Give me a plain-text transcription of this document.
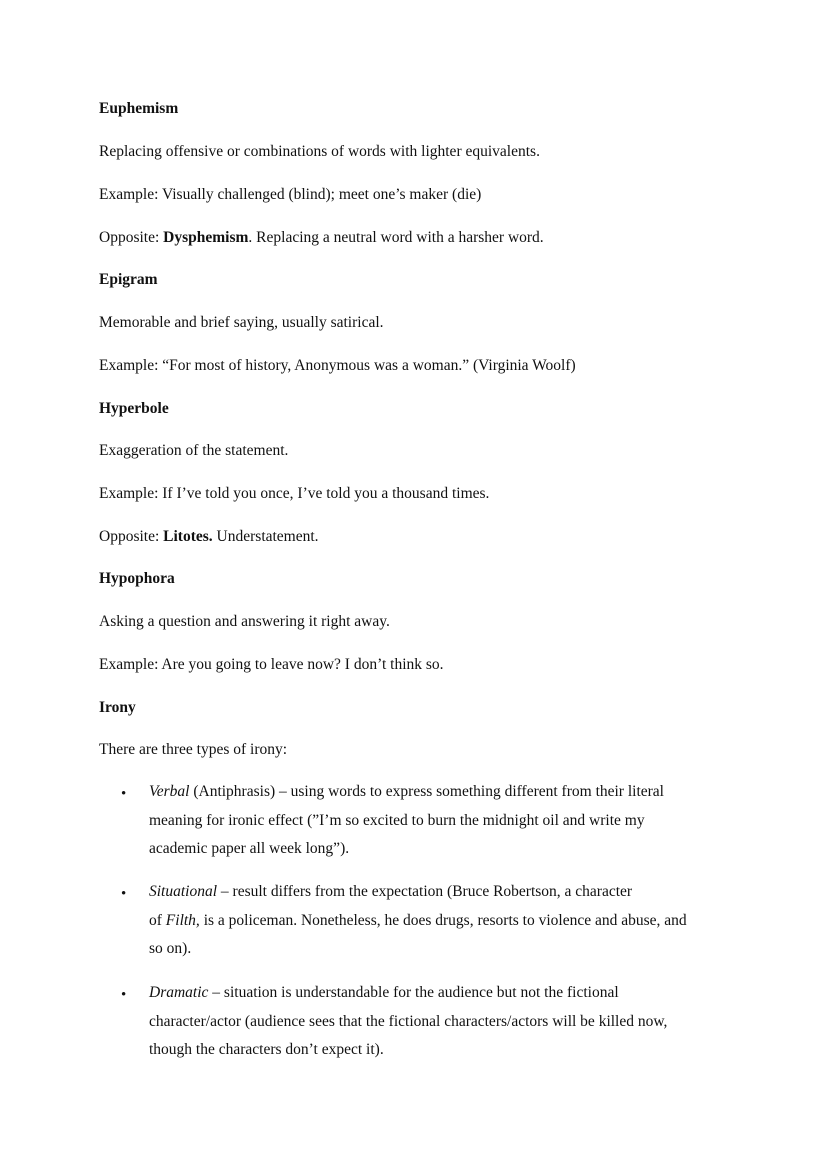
Euphemism
Replacing offensive or combinations of words with lighter equivalents.
Example: Visually challenged (blind); meet one’s maker (die)
Opposite: Dysphemism. Replacing a neutral word with a harsher word.
Epigram
Memorable and brief saying, usually satirical.
Example: “For most of history, Anonymous was a woman.” (Virginia Woolf)
Hyperbole
Exaggeration of the statement.
Example: If I’ve told you once, I’ve told you a thousand times.
Opposite: Litotes. Understatement.
Hypophora
Asking a question and answering it right away.
Example: Are you going to leave now? I don’t think so.
Irony
There are three types of irony:
• Verbal (Antiphrasis) – using words to express something different from their literal
meaning for ironic effect (”I’m so excited to burn the midnight oil and write my
academic paper all week long”).
• Situational – result differs from the expectation (Bruce Robertson, a character
of Filth, is a policeman. Nonetheless, he does drugs, resorts to violence and abuse, and
so on).
• Dramatic – situation is understandable for the audience but not the fictional
character/actor (audience sees that the fictional characters/actors will be killed now,
though the characters don’t expect it).
